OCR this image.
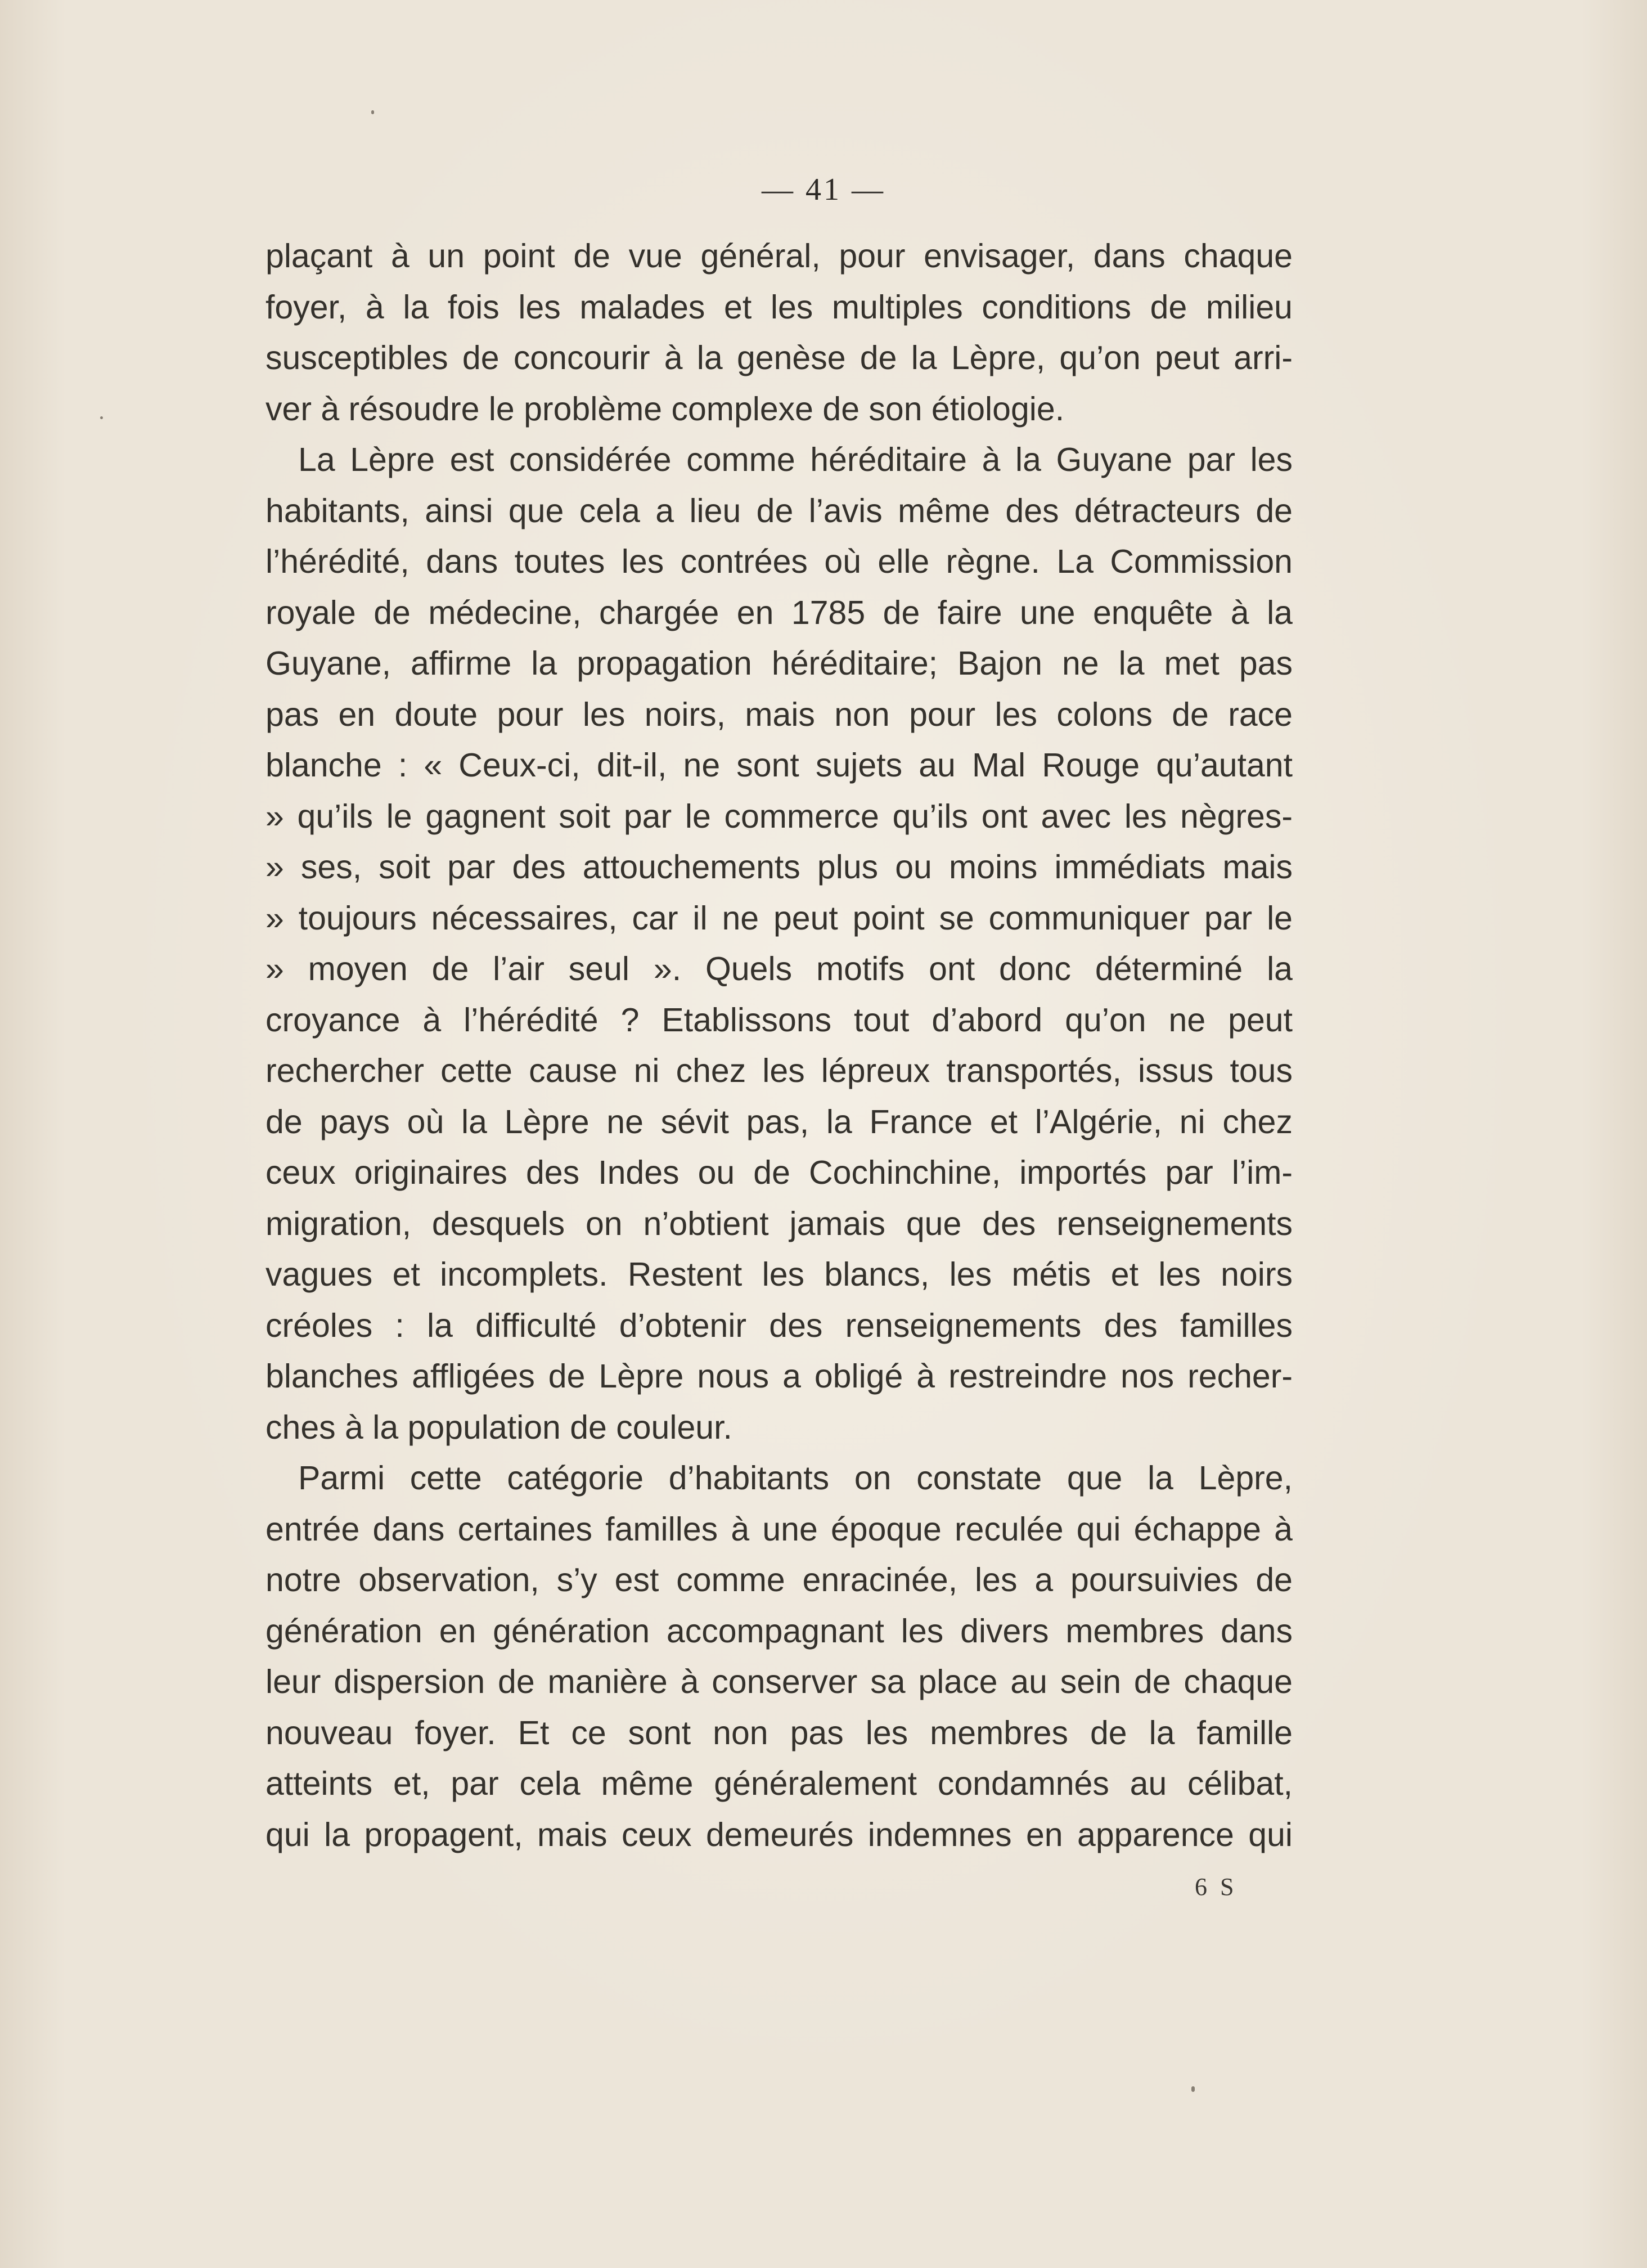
— 41 —
plaçant à un point de vue général, pour envisager, dans chaque
foyer, à la fois les malades et les multiples conditions de milieu
susceptibles de concourir à la genèse de la Lèpre, qu’on peut arri-
ver à résoudre le problème complexe de son étiologie.
La Lèpre est considérée comme héréditaire à la Guyane par les
habitants, ainsi que cela a lieu de l’avis même des détracteurs de
l’hérédité, dans toutes les contrées où elle règne. La Commission
royale de médecine, chargée en 1785 de faire une enquête à la
Guyane, affirme la propagation héréditaire; Bajon ne la met pas
pas en doute pour les noirs, mais non pour les colons de race
blanche : « Ceux-ci, dit-il, ne sont sujets au Mal Rouge qu’autant
» qu’ils le gagnent soit par le commerce qu’ils ont avec les nègres-
» ses, soit par des attouchements plus ou moins immédiats mais
» toujours nécessaires, car il ne peut point se communiquer par le
» moyen de l’air seul ». Quels motifs ont donc déterminé la
croyance à l’hérédité ? Etablissons tout d’abord qu’on ne peut
rechercher cette cause ni chez les lépreux transportés, issus tous
de pays où la Lèpre ne sévit pas, la France et l’Algérie, ni chez
ceux originaires des Indes ou de Cochinchine, importés par l’im-
migration, desquels on n’obtient jamais que des renseignements
vagues et incomplets. Restent les blancs, les métis et les noirs
créoles : la difficulté d’obtenir des renseignements des familles
blanches affligées de Lèpre nous a obligé à restreindre nos recher-
ches à la population de couleur.
Parmi cette catégorie d’habitants on constate que la Lèpre,
entrée dans certaines familles à une époque reculée qui échappe à
notre observation, s’y est comme enracinée, les a poursuivies de
génération en génération accompagnant les divers membres dans
leur dispersion de manière à conserver sa place au sein de chaque
nouveau foyer. Et ce sont non pas les membres de la famille
atteints et, par cela même généralement condamnés au célibat,
qui la propagent, mais ceux demeurés indemnes en apparence qui
6 S
